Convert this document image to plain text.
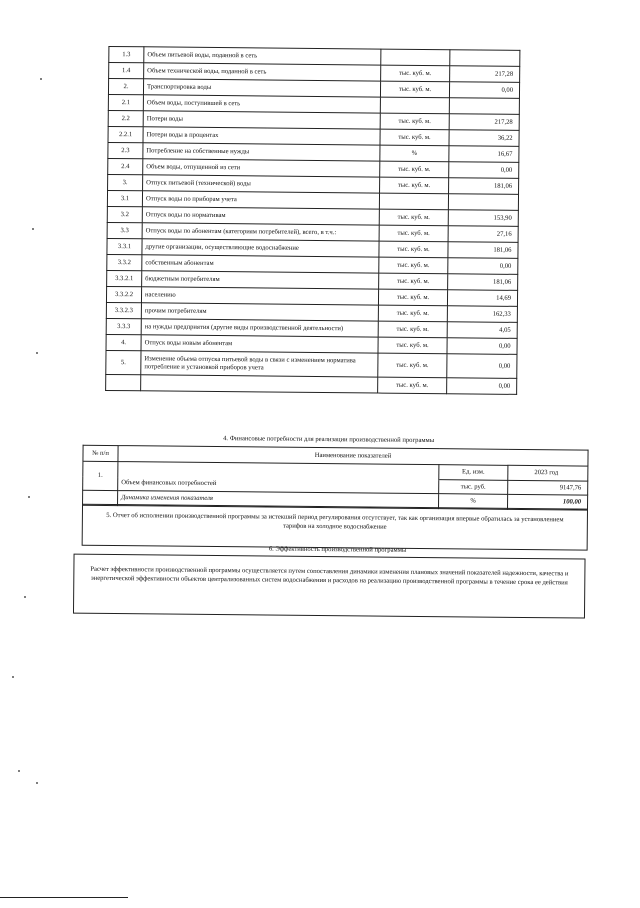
1.3	Объем питьевой воды, поданной в сеть		
1.4	Объем технической воды, поданной в сеть	тыс. куб. м.	217,28
2.	Транспортировка воды	тыс. куб. м.	0,00
2.1	Объем воды, поступившей в сеть		
2.2	Потери воды	тыс. куб. м.	217,28
2.2.1	Потери воды в процентах	тыс. куб. м.	36,22
2.3	Потребление на собственные нужды	%	16,67
2.4	Объем воды, отпущенной из сети	тыс. куб. м.	0,00
3.	Отпуск питьевой (технической) воды	тыс. куб. м.	181,06
3.1	Отпуск воды по приборам учета		
3.2	Отпуск воды по нормативам	тыс. куб. м.	153,90
3.3	Отпуск воды по абонентам (категориям потребителей), всего, в т.ч.:	тыс. куб. м.	27,16
3.3.1	другие организации, осуществляющие водоснабжение	тыс. куб. м.	181,06
3.3.2	собственным абонентам	тыс. куб. м.	0,00
3.3.2.1	бюджетным потребителям	тыс. куб. м.	181,06
3.3.2.2	населению	тыс. куб. м.	14,69
3.3.2.3	прочим потребителям	тыс. куб. м.	162,33
3.3.3	на нужды предприятия (другие виды производственной деятельности)	тыс. куб. м.	4,05
4.	Отпуск воды новым абонентам	тыс. куб. м.	0,00
5.	Изменение объема отпуска питьевой воды в связи с изменением норматива потребление и установкой приборов учета	тыс. куб. м.	0,00
		тыс. куб. м.	0,00
4. Финансовые потребности для реализации производственной программы
№ п/п	Наименование показателей		
1.		Ед. изм.	2023 год
	Объем финансовых потребностей	тыс. руб.	9147,76
	Динамика изменения показателя	%	100,00
5. Отчет об исполнении производственной программы за истекший период регулирования отсутствует, так как организация впервые обратилась за установлением тарифов на холодное водоснабжение
6. Эффективность производственной программы
Расчет эффективности производственной программы осуществляется путем сопоставления динамики изменения плановых значений показателей надежности, качества и энергетической эффективности объектов централизованных систем водоснабжения и расходов на реализацию производственной программы в течение срока ее действия
